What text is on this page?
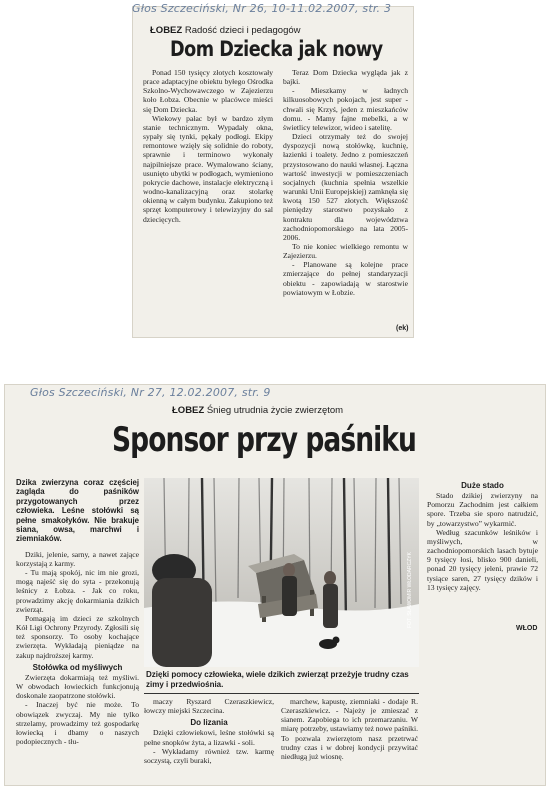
Głos Szczeciński, Nr 26, 10-11.02.2007, str. 3
ŁOBEZ Radość dzieci i pedagogów
Dom Dziecka jak nowy

Ponad 150 tysięcy złotych kosztowały prace adaptacyjne obiektu byłego Ośrodka Szkolno-Wychowawczego w Zajezierzu koło Łobza. Obecnie w placówce mieści się Dom Dziecka.

Wiekowy pałac był w bardzo złym stanie technicznym. Wypadały okna, sypały się tynki, pękały podłogi. Ekipy remontowe wzięły się solidnie do roboty, sprawnie i terminowo wykonały najpilniejsze prace. Wymalowano ściany, usunięto ubytki w podłogach, wymieniono pokrycie dachowe, instalacje elektryczną i wodno-kanalizacyjną oraz stolarkę okienną w całym budynku. Zakupiono też sprzęt komputerowy i telewizyjny do sal dziecięcych.

Teraz Dom Dziecka wygląda jak z bajki.

- Mieszkamy w ładnych kilkuosobowych pokojach, jest super - chwali się Krzyś, jeden z mieszkańców domu. - Mamy fajne mebelki, a w świetlicy telewizor, wideo i satelitę.

Dzieci otrzymały też do swojej dyspozycji nową stołówkę, kuchnię, łazienki i toalety. Jedno z pomieszczeń przystosowano do nauki własnej. Łączna wartość inwestycji w pomieszczeniach socjalnych (kuchnia spełnia wszelkie warunki Unii Europejskiej) zamknęła się kwotą 150 527 złotych. Większość pieniędzy starostwo pozyskało z kontraktu dla województwa zachodniopomorskiego na lata 2005-2006.

To nie koniec wielkiego remontu w Zajezierzu.

- Planowane są kolejne prace zmierzające do pełnej standaryzacji obiektu - zapowiadają w starostwie powiatowym w Łobzie.

(ek)
Głos Szczeciński, Nr 27, 12.02.2007, str. 9
ŁOBEZ Śnieg utrudnia życie zwierzętom
Sponsor przy paśniku

Dzika zwierzyna coraz częściej zagląda do paśników przygotowanych przez człowieka. Leśne stołówki są pełne smakołyków. Nie brakuje siana, owsa, marchwi i ziemniaków.

Dziki, jelenie, sarny, a nawet zające korzystają z karmy.

- Tu mają spokój, nic im nie grozi, mogą najeść się do syta - przekonują leśnicy z Łobza. - Jak co roku, prowadzimy akcję dokarmiania dzikich zwierząt.

Pomagają im dzieci ze szkolnych Kół Ligi Ochrony Przyrody. Zgłosili się też sponsorzy. To osoby kochające zwierzęta. Wykładają pieniądze na zakup najdroższej karmy.

Stołówka od myśliwych

Zwierzęta dokarmiają też myśliwi. W obwodach łowieckich funkcjonują doskonale zaopatrzone stołówki.

- Inaczej być nie może. To obowiązek zwyczaj. My nie tylko strzelamy, prowadzimy też gospodarkę łowiecką i dbamy o naszych podopiecznych - tłu-

FOT. SŁAWOMIR WŁODARCZYK
Dzięki pomocy człowieka, wiele dzikich zwierząt przeżyje trudny czas zimy i przedwiośnia.

maczy Ryszard Czeraszkiewicz, łowczy miejski Szczecina.

Do lizania

Dzięki człowiekowi, leśne stołówki są pełne snopków żyta, a lizawki - soli.

- Wykładamy również tzw. karmę soczystą, czyli buraki,

marchew, kapustę, ziemniaki - dodaje R. Czeraszkiewicz. - Najeży je zmieszać z sianem. Zapobiega to ich przemarzaniu. W miarę potrzeby, ustawiamy też nowe paśniki. To pozwala zwierzętom nasz przetrwać trudny czas i w dobrej kondycji przywitać niedługą już wiosnę.

Duże stado

Stado dzikiej zwierzyny na Pomorzu Zachodnim jest całkiem spore. Trzeba sie sporo natrudzić, by „towarzystwo” wykarmić.

Według szacunków leśników i myśliwych, w zachodniopomorskich lasach bytuje 9 tysięcy łosi, blisko 900 danieli, ponad 20 tysięcy jeleni, prawie 72 tysiące saren, 27 tysięcy dzików i 13 tysięcy zajęcy.

WŁOD
